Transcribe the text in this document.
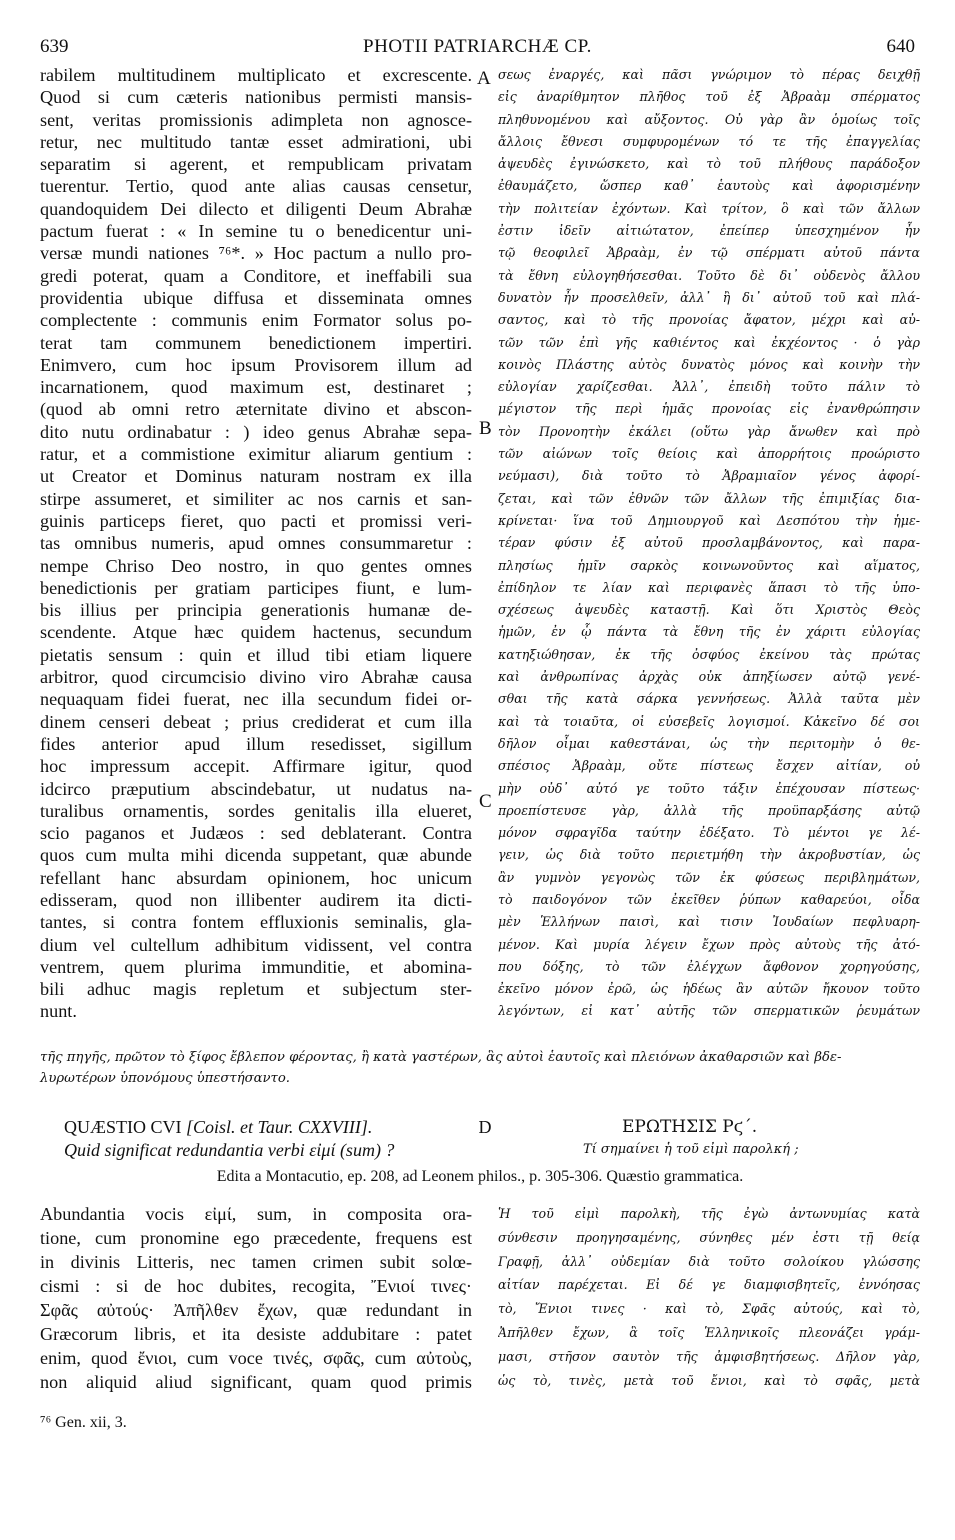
639	PHOTII PATRIARCHÆ CP.	640
A
B
C
rabilem multitudinem multiplicato et excrescente.
Quod si cum cæteris nationibus permisti mansis-
sent, veritas promissionis adimpleta non agnosce-
retur, nec multitudo tantæ esset admirationi, ubi
separatim si agerent, et rempublicam privatam
tuerentur. Tertio, quod ante alias causas censetur,
quandoquidem Dei dilecto et diligenti Deum Abrahæ
pactum fuerat : « In semine tu o benedicentur uni-
versæ mundi nationes ⁷⁶*. » Hoc pactum a nullo pro-
gredi poterat, quam a Conditore, et ineffabili sua
providentia ubique diffusa et disseminata omnes
complectente : communis enim Formator solus po-
terat tam communem benedictionem impertiri.
Enimvero, cum hoc ipsum Provisorem illum ad
incarnationem, quod maximum est, destinaret ;
(quod ab omni retro æternitate divino et abscon-
dito nutu ordinabatur : ) ideo genus Abrahæ sepa-
ratur, et a commistione eximitur aliarum gentium :
ut Creator et Dominus naturam nostram ex illa
stirpe assumeret, et similiter ac nos carnis et san-
guinis particeps fieret, quo pacti et promissi veri-
tas omnibus numeris, apud omnes consummaretur :
nempe Chriso Deo nostro, in quo gentes omnes
benedictionis per gratiam participes fiunt, e lum-
bis illius per principia generationis humanæ de-
scendente. Atque hæc quidem hactenus, secundum
pietatis sensum : quin et illud tibi etiam liquere
arbitror, quod circumcisio divino viro Abrahæ causa
nequaquam fidei fuerat, nec illa secundum fidei or-
dinem censeri debeat ; prius crediderat et cum illa
fides anterior apud illum resedisset, sigillum
hoc impressum accepit. Affirmare igitur, quod
idcirco præputium abscindebatur, ut nudatus na-
turalibus ornamentis, sordes genitalis illa elueret,
scio paganos et Judæos : sed deblaterant. Contra
quos cum multa mihi dicenda suppetant, quæ abunde
refellant hanc absurdam opinionem, hoc unicum
edisseram, quod non illibenter audirem ita dicti-
tantes, si contra fontem effluxionis seminalis, gla-
dium vel cultellum adhibitum vidissent, vel contra
ventrem, quem plurima immunditie, et abomina-
bili adhuc magis repletum et subjectum ster-
nunt.
σεως ἐναργές, καὶ πᾶσι γνώριμον τὸ πέρας δειχθῇ
εἰς ἀναρίθμητον πλῆθος τοῦ ἐξ Ἀβραὰμ σπέρματος
πληθυνομένου καὶ αὔξοντος. Οὐ γὰρ ἂν ὁμοίως τοῖς
ἄλλοις ἔθνεσι συμφυρομένων τό τε τῆς ἐπαγγελίας
ἀψευδὲς ἐγινώσκετο, καὶ τὸ τοῦ πλήθους παράδοξον
ἐθαυμάζετο, ὥσπερ καθ᾽ ἑαυτοὺς καὶ ἀφορισμένην
τὴν πολιτείαν ἐχόντων. Καὶ τρίτον, ὃ καὶ τῶν ἄλλων
ἐστιν ἰδεῖν αἰτιώτατον, ἐπείπερ ὑπεσχημένον ἦν
τῷ θεοφιλεῖ Ἀβραὰμ, ἐν τῷ σπέρματι αὐτοῦ πάντα
τὰ ἔθνη εὐλογηθήσεσθαι. Τοῦτο δὲ δι᾽ οὐδενὸς ἄλλου
δυνατὸν ἦν προσελθεῖν, ἀλλ᾽ ἢ δι᾽ αὐτοῦ τοῦ καὶ πλά-
σαντος, καὶ τὸ τῆς προνοίας ἄφατον, μέχρι καὶ αὐ-
τῶν τῶν ἐπὶ γῆς καθιέντος καὶ ἐκχέοντος · ὁ γὰρ
κοινὸς Πλάστης αὐτὸς δυνατὸς μόνος καὶ κοινὴν τὴν
εὐλογίαν χαρίζεσθαι. Ἀλλ᾽, ἐπειδὴ τοῦτο πάλιν τὸ
μέγιστον τῆς περὶ ἡμᾶς προνοίας εἰς ἐνανθρώπησιν
τὸν Προνοητὴν ἐκάλει (οὕτω γὰρ ἄνωθεν καὶ πρὸ
τῶν αἰώνων τοῖς θείοις καὶ ἀπορρήτοις προώριστο
νεύμασι), διὰ τοῦτο τὸ Ἀβραμιαῖον γένος ἀφορί-
ζεται, καὶ τῶν ἐθνῶν τῶν ἄλλων τῆς ἐπιμιξίας δια-
κρίνεται· ἵνα τοῦ Δημιουργοῦ καὶ Δεσπότου τὴν ἡμε-
τέραν φύσιν ἐξ αὐτοῦ προσλαμβάνοντος, καὶ παρα-
πλησίως ἡμῖν σαρκὸς κοινωνοῦντος καὶ αἵματος,
ἐπίδηλον τε λίαν καὶ περιφανὲς ἅπασι τὸ τῆς ὑπο-
σχέσεως ἀψευδὲς καταστῇ. Καὶ ὅτι Χριστὸς Θεὸς
ἡμῶν, ἐν ᾧ πάντα τὰ ἔθνη τῆς ἐν χάριτι εὐλογίας
κατηξιώθησαν, ἐκ τῆς ὀσφύος ἐκείνου τὰς πρώτας
καὶ ἀνθρωπίνας ἀρχὰς οὐκ ἀπηξίωσεν αὐτῷ γενέ-
σθαι τῆς κατὰ σάρκα γεννήσεως. Ἀλλὰ ταῦτα μὲν
καὶ τὰ τοιαῦτα, οἱ εὐσεβεῖς λογισμοί. Κἀκεῖνο δέ σοι
δῆλον οἶμαι καθεστάναι, ὡς τὴν περιτομὴν ὁ θε-
σπέσιος Ἀβραὰμ, οὔτε πίστεως ἔσχεν αἰτίαν, οὐ
μὴν οὐδ᾽ αὐτό γε τοῦτο τάξιν ἐπέχουσαν πίστεως·
προεπίστευσε γὰρ, ἀλλὰ τῆς προϋπαρξάσης αὐτῷ
μόνον σφραγῖδα ταύτην ἐδέξατο. Τὸ μέντοι γε λέ-
γειν, ὡς διὰ τοῦτο περιετμήθη τὴν ἀκροβυστίαν, ὡς
ἂν γυμνὸν γεγονὼς τῶν ἐκ φύσεως περιβλημάτων,
τὸ παιδογόνον τῶν ἐκεῖθεν ῥύπων καθαρεύοι, οἶδα
μὲν Ἑλλήνων παισὶ, καὶ τισιν Ἰουδαίων πεφλυαρη-
μένον. Καὶ μυρία λέγειν ἔχων πρὸς αὐτοὺς τῆς ἀτό-
που δόξης, τὸ τῶν ἐλέγχων ἄφθονον χορηγούσης,
ἐκεῖνο μόνον ἐρῶ, ὡς ἡδέως ἂν αὐτῶν ἤκουον τοῦτο
λεγόντων, εἰ κατ᾽ αὐτῆς τῶν σπερματικῶν ῥευμάτων
τῆς πηγῆς, πρῶτον τὸ ξίφος ἔβλεπον φέροντας, ἢ κατὰ γαστέρων, ἃς αὐτοὶ ἑαυτοῖς καὶ πλειόνων ἀκαθαρσιῶν καὶ βδε-
λυρωτέρων ὑπονόμους ὑπεστήσαντο.
QUÆSTIO CVI [Coisl. et Taur. CXXVIII].	D	ΕΡΩΤΗΣΙΣ Ρϛ΄.
Quid significat redundantia verbi εἰμί (sum) ?	Τί σημαίνει ἡ τοῦ εἰμὶ παρολκή ;
Edita a Montacutio, ep. 208, ad Leonem philos., p. 305-306. Quæstio grammatica.
Abundantia vocis εἰμί, sum, in composita ora-
tione, cum pronomine ego præcedente, frequens est
in divinis Litteris, nec tamen crimen subit solœ-
cismi : si de hoc dubites, recogita, Ἔνιοί τινες·
Σφᾶς αὐτούς· Ἀπῆλθεν ἔχων, quæ redundant in
Græcorum libris, et ita desiste addubitare : patet
enim, quod ἔνιοι, cum voce τινές, σφᾶς, cum αὐτοὺς,
non aliquid aliud significant, quam quod primis
Ἡ τοῦ εἰμὶ παρολκὴ, τῆς ἐγὼ ἀντωνυμίας κατὰ
σύνθεσιν προηγησαμένης, σύνηθες μέν ἐστι τῇ θείᾳ
Γραφῇ, ἀλλ᾽ οὐδεμίαν διὰ τοῦτο σολοίκου γλώσσης
αἰτίαν παρέχεται. Εἰ δέ γε διαμφισβητεῖς, ἐννόησας
τὸ, Ἔνιοι τινες · καὶ τὸ, Σφᾶς αὐτούς, καὶ τὸ,
Ἀπῆλθεν ἔχων, ἃ τοῖς Ἑλληνικοῖς πλεονάζει γράμ-
μασι, στῆσον σαυτὸν τῆς ἀμφισβητήσεως. Δῆλον γὰρ,
ὡς τὸ, τινὲς, μετὰ τοῦ ἔνιοι, καὶ τὸ σφᾶς, μετὰ
⁷⁶ Gen. xii, 3.
